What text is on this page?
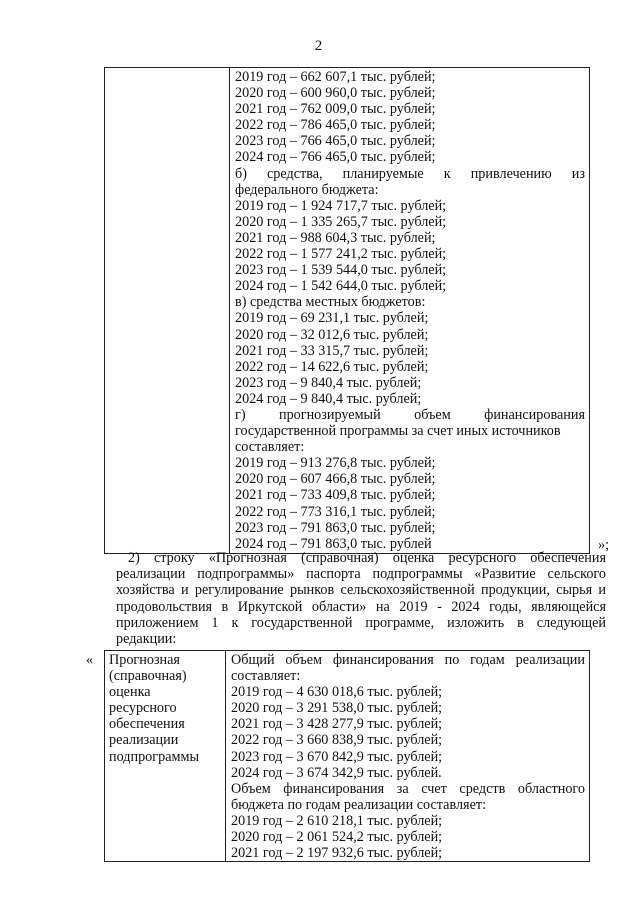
2
2019 год – 662 607,1 тыс. рублей;
2020 год – 600 960,0 тыс. рублей;
2021 год – 762 009,0 тыс. рублей;
2022 год – 786 465,0 тыс. рублей;
2023 год – 766 465,0 тыс. рублей;
2024 год – 766 465,0 тыс. рублей;
б) средства, планируемые к привлечению из
федерального бюджета:
2019 год – 1 924 717,7 тыс. рублей;
2020 год – 1 335 265,7 тыс. рублей;
2021 год – 988 604,3 тыс. рублей;
2022 год – 1 577 241,2 тыс. рублей;
2023 год – 1 539 544,0 тыс. рублей;
2024 год – 1 542 644,0 тыс. рублей;
в) средства местных бюджетов:
2019 год – 69 231,1 тыс. рублей;
2020 год – 32 012,6 тыс. рублей;
2021 год – 33 315,7 тыс. рублей;
2022 год – 14 622,6 тыс. рублей;
2023 год – 9 840,4 тыс. рублей;
2024 год – 9 840,4 тыс. рублей;
г) прогнозируемый объем финансирования
государственной программы за счет иных источников
составляет:
2019 год – 913 276,8 тыс. рублей;
2020 год – 607 466,8 тыс. рублей;
2021 год – 733 409,8 тыс. рублей;
2022 год – 773 316,1 тыс. рублей;
2023 год – 791 863,0 тыс. рублей;
2024 год – 791 863,0 тыс. рублей	»;
2) строку «Прогнозная (справочная) оценка ресурсного обеспечения
реализации подпрограммы» паспорта подпрограммы «Развитие сельского
хозяйства и регулирование рынков сельскохозяйственной продукции, сырья и
продовольствия в Иркутской области» на 2019 - 2024 годы, являющейся
приложением 1 к государственной программе, изложить в следующей
редакции:
« Прогнозная
(справочная)
оценка
ресурсного
обеспечения
реализации
подпрограммы
Общий объем финансирования по годам реализации
составляет:
2019 год – 4 630 018,6 тыс. рублей;
2020 год – 3 291 538,0 тыс. рублей;
2021 год – 3 428 277,9 тыс. рублей;
2022 год – 3 660 838,9 тыс. рублей;
2023 год – 3 670 842,9 тыс. рублей;
2024 год – 3 674 342,9 тыс. рублей.
Объем финансирования за счет средств областного
бюджета по годам реализации составляет:
2019 год – 2 610 218,1 тыс. рублей;
2020 год – 2 061 524,2 тыс. рублей;
2021 год – 2 197 932,6 тыс. рублей;
